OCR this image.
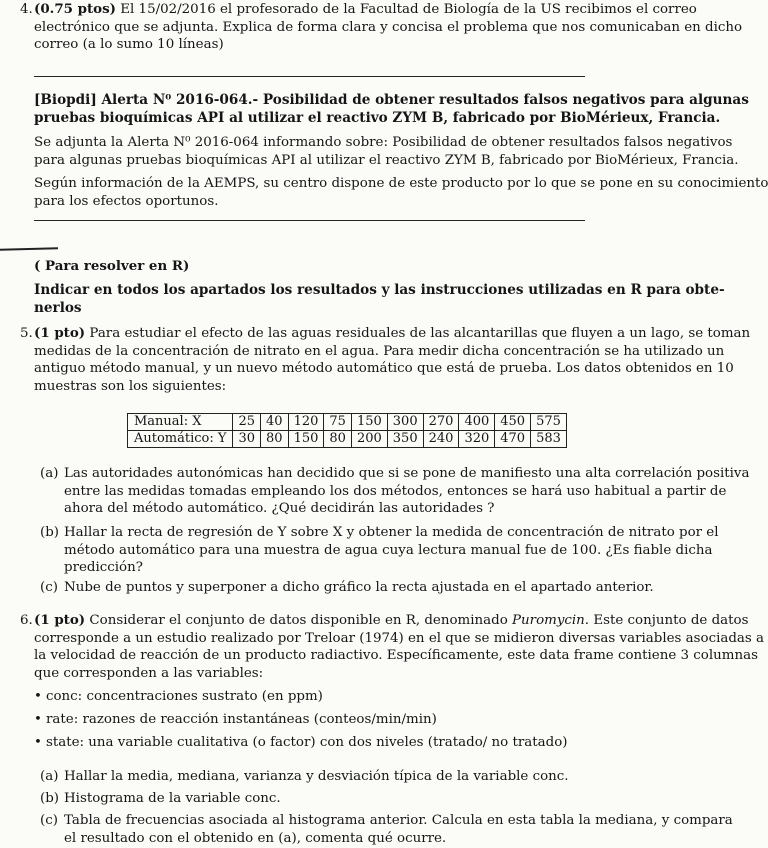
4. (0.75 ptos) El 15/02/2016 el profesorado de la Facultad de Biología de la US recibimos el correo
electrónico que se adjunta. Explica de forma clara y concisa el problema que nos comunicaban en dicho
correo (a lo sumo 10 líneas)
[Biopdi] Alerta N⁰ 2016-064.- Posibilidad de obtener resultados falsos negativos para algunas
pruebas bioquímicas API al utilizar el reactivo ZYM B, fabricado por BioMérieux, Francia.
Se adjunta la Alerta N⁰ 2016-064 informando sobre: Posibilidad de obtener resultados falsos negativos
para algunas pruebas bioquímicas API al utilizar el reactivo ZYM B, fabricado por BioMérieux, Francia.
Según información de la AEMPS, su centro dispone de este producto por lo que se pone en su conocimiento
para los efectos oportunos.
( Para resolver en R)
Indicar en todos los apartados los resultados y las instrucciones utilizadas en R para obte-
nerlos
5. (1 pto) Para estudiar el efecto de las aguas residuales de las alcantarillas que fluyen a un lago, se toman
medidas de la concentración de nitrato en el agua. Para medir dicha concentración se ha utilizado un
antiguo método manual, y un nuevo método automático que está de prueba. Los datos obtenidos en 10
muestras son los siguientes:
Manual: X	25	40	120	75	150	300	270	400	450	575
Automático: Y	30	80	150	80	200	350	240	320	470	583
(a) Las autoridades autonómicas han decidido que si se pone de manifiesto una alta correlación positiva
entre las medidas tomadas empleando los dos métodos, entonces se hará uso habitual a partir de
ahora del método automático. ¿Qué decidirán las autoridades ?
(b) Hallar la recta de regresión de Y sobre X y obtener la medida de concentración de nitrato por el
método automático para una muestra de agua cuya lectura manual fue de 100. ¿Es fiable dicha
predicción?
(c) Nube de puntos y superponer a dicho gráfico la recta ajustada en el apartado anterior.
6. (1 pto) Considerar el conjunto de datos disponible en R, denominado Puromycin. Este conjunto de datos
corresponde a un estudio realizado por Treloar (1974) en el que se midieron diversas variables asociadas a
la velocidad de reacción de un producto radiactivo. Específicamente, este data frame contiene 3 columnas
que corresponden a las variables:
• conc: concentraciones sustrato (en ppm)
• rate: razones de reacción instantáneas (conteos/min/min)
• state: una variable cualitativa (o factor) con dos niveles (tratado/ no tratado)
(a) Hallar la media, mediana, varianza y desviación típica de la variable conc.
(b) Histograma de la variable conc.
(c) Tabla de frecuencias asociada al histograma anterior. Calcula en esta tabla la mediana, y compara
el resultado con el obtenido en (a), comenta qué ocurre.
